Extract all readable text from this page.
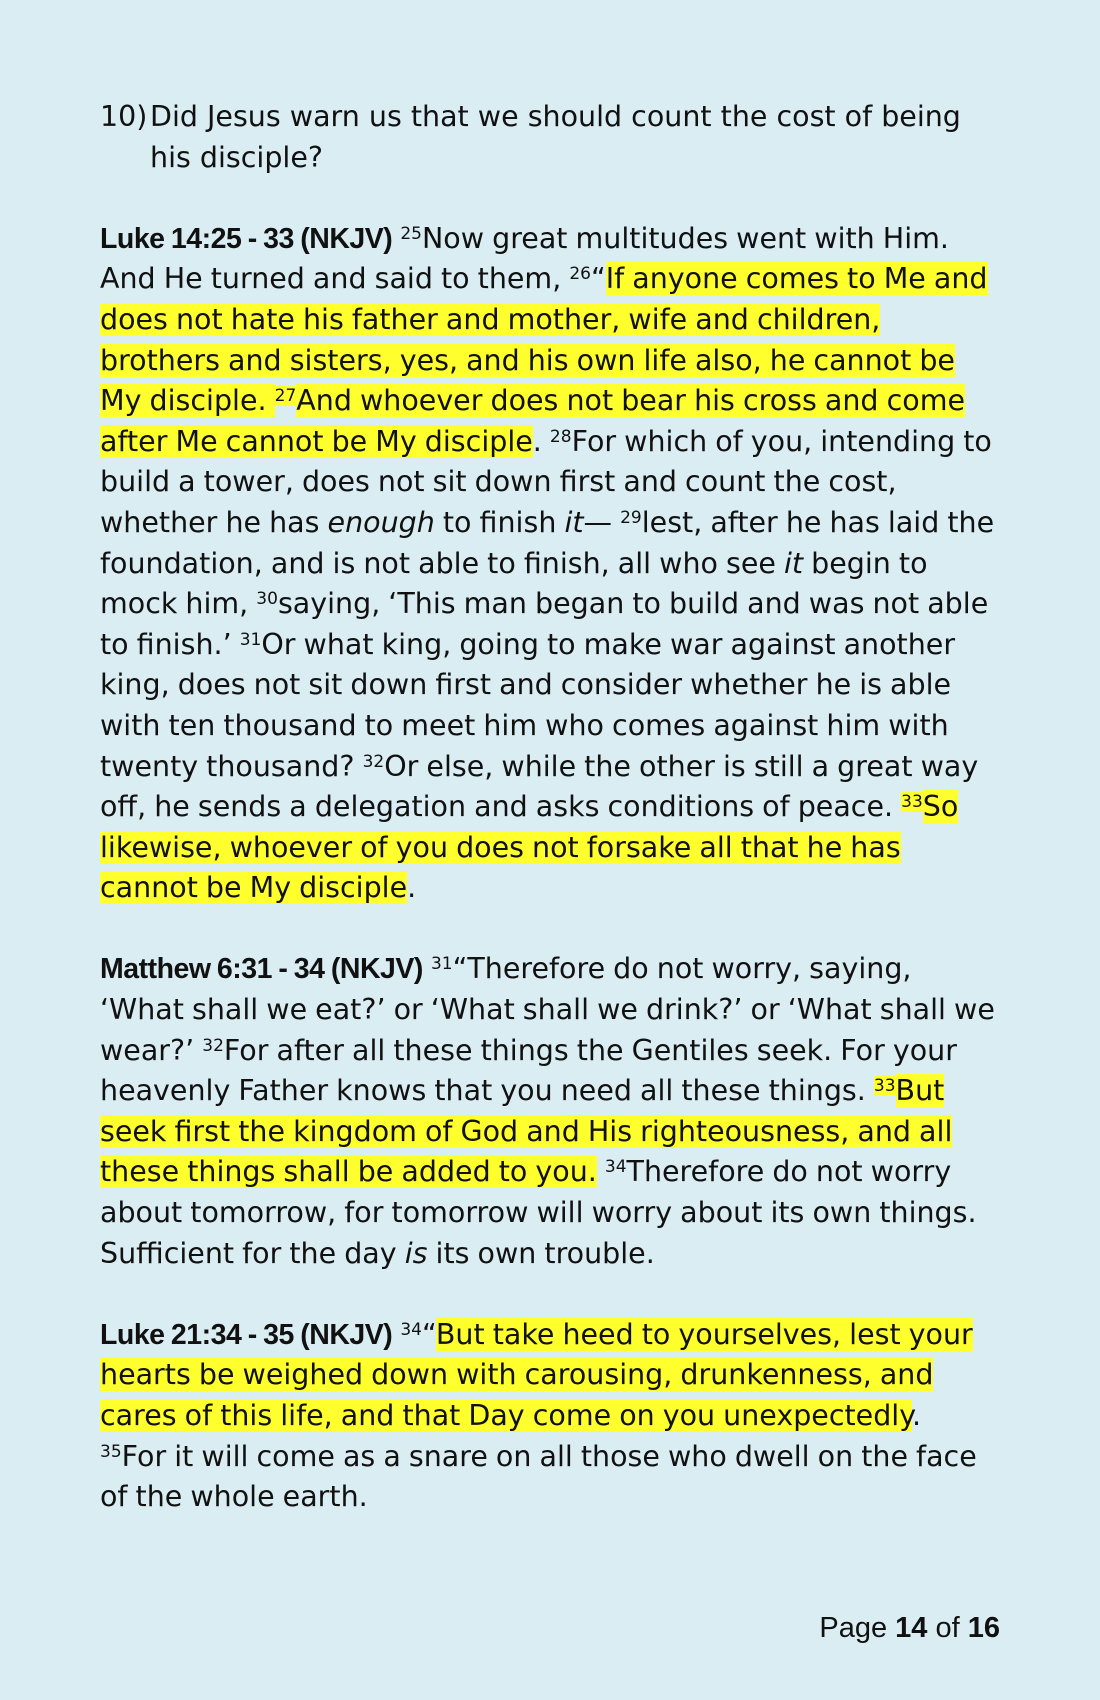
10) Did Jesus warn us that we should count the cost of being his disciple?

Luke 14:25 - 33 (NKJV) $^{25}$Now great multitudes went with Him. And He turned and said to them, $^{26}$“If anyone comes to Me and does not hate his father and mother, wife and children, brothers and sisters, yes, and his own life also, he cannot be My disciple. $^{27}$And whoever does not bear his cross and come after Me cannot be My disciple. $^{28}$For which of you, intending to build a tower, does not sit down first and count the cost, whether he has enough to finish it— $^{29}$lest, after he has laid the foundation, and is not able to finish, all who see it begin to mock him, $^{30}$saying, ‘This man began to build and was not able to finish.’ $^{31}$Or what king, going to make war against another king, does not sit down first and consider whether he is able with ten thousand to meet him who comes against him with twenty thousand? $^{32}$Or else, while the other is still a great way off, he sends a delegation and asks conditions of peace. $^{33}$So likewise, whoever of you does not forsake all that he has cannot be My disciple.

Matthew 6:31 - 34 (NKJV) $^{31}$“Therefore do not worry, saying, ‘What shall we eat?’ or ‘What shall we drink?’ or ‘What shall we wear?’ $^{32}$For after all these things the Gentiles seek. For your heavenly Father knows that you need all these things. $^{33}$But seek first the kingdom of God and His righteousness, and all these things shall be added to you. $^{34}$Therefore do not worry about tomorrow, for tomorrow will worry about its own things. Sufficient for the day is its own trouble.

Luke 21:34 - 35 (NKJV) $^{34}$“But take heed to yourselves, lest your hearts be weighed down with carousing, drunkenness, and cares of this life, and that Day come on you unexpectedly. $^{35}$For it will come as a snare on all those who dwell on the face of the whole earth.

Page 14 of 16
